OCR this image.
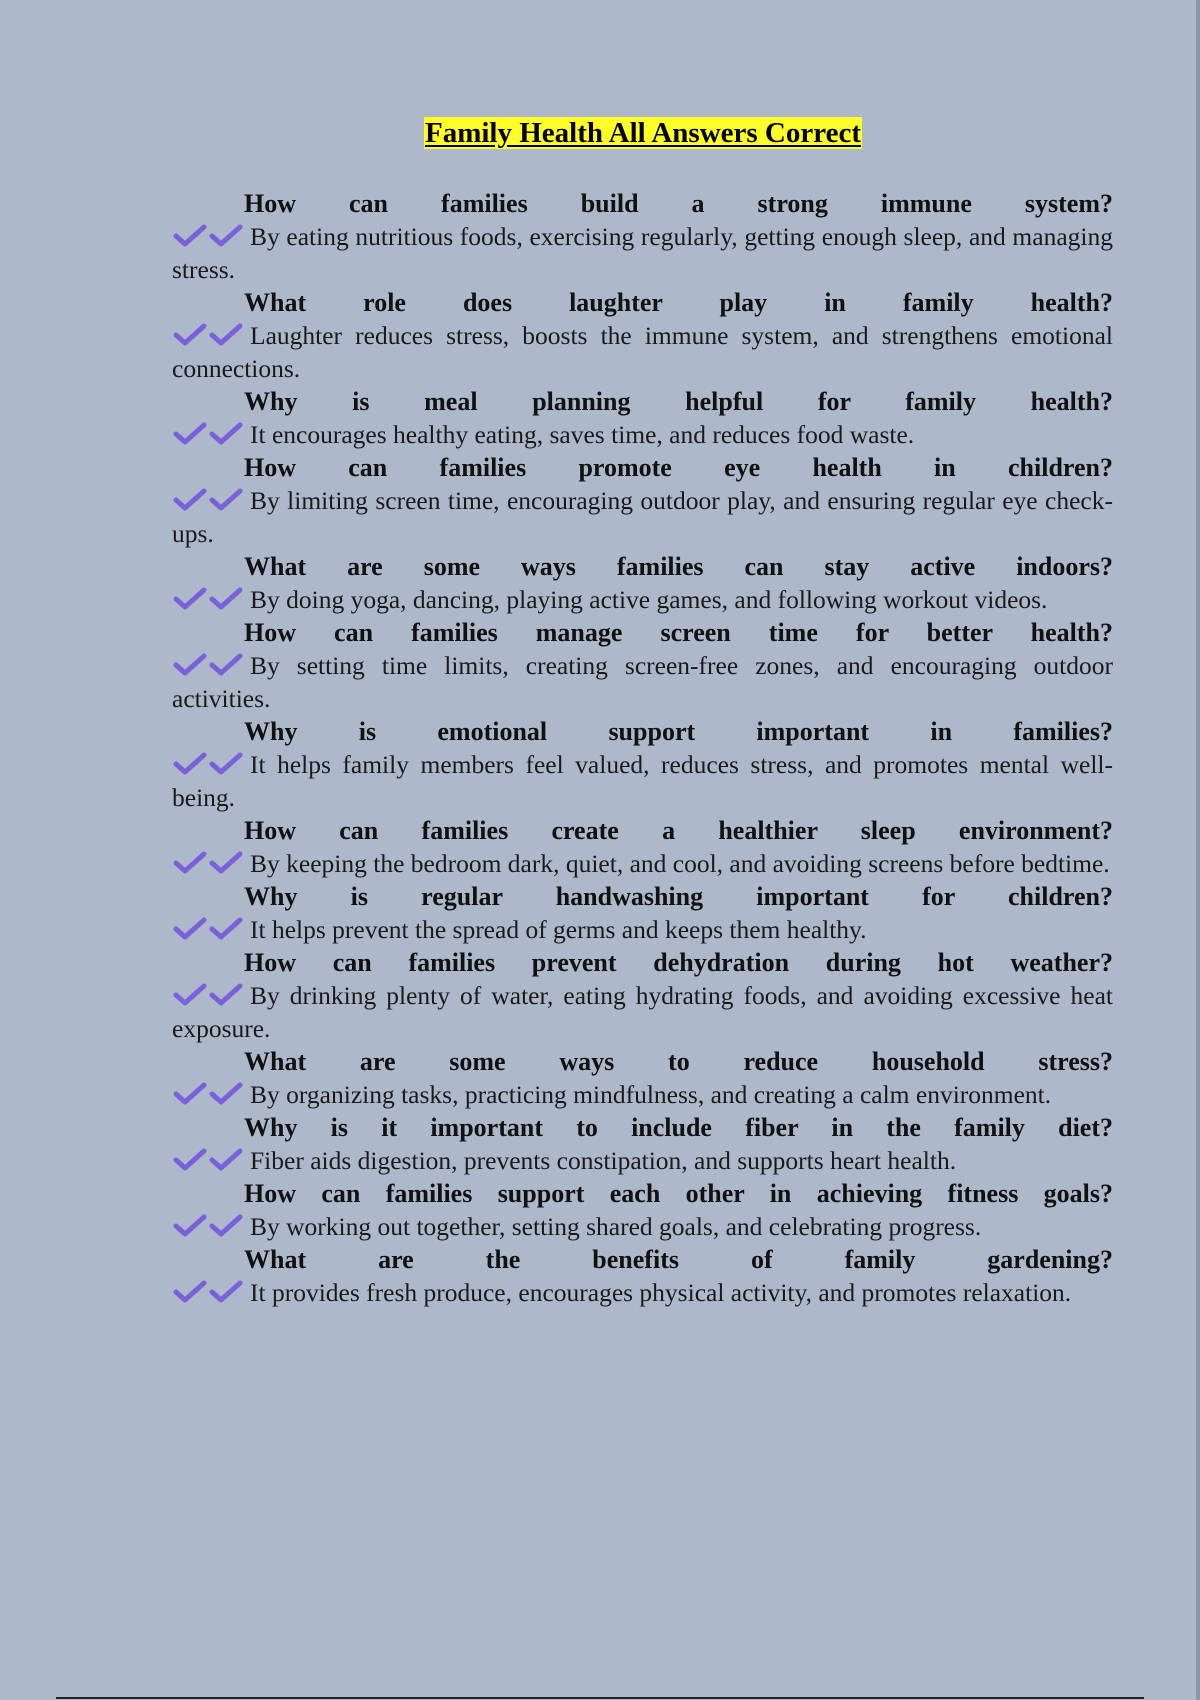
Family Health All Answers Correct

How can families build a strong immune system?

By eating nutritious foods, exercising regularly, getting enough sleep, and managing stress.

What role does laughter play in family health?

Laughter reduces stress, boosts the immune system, and strengthens emotional connections.

Why is meal planning helpful for family health?

It encourages healthy eating, saves time, and reduces food waste.

How can families promote eye health in children?

By limiting screen time, encouraging outdoor play, and ensuring regular eye check-ups.

What are some ways families can stay active indoors?

By doing yoga, dancing, playing active games, and following workout videos.

How can families manage screen time for better health?

By setting time limits, creating screen-free zones, and encouraging outdoor activities.

Why is emotional support important in families?

It helps family members feel valued, reduces stress, and promotes mental well-being.

How can families create a healthier sleep environment?

By keeping the bedroom dark, quiet, and cool, and avoiding screens before bedtime.

Why is regular handwashing important for children?

It helps prevent the spread of germs and keeps them healthy.

How can families prevent dehydration during hot weather?

By drinking plenty of water, eating hydrating foods, and avoiding excessive heat exposure.

What are some ways to reduce household stress?

By organizing tasks, practicing mindfulness, and creating a calm environment.

Why is it important to include fiber in the family diet?

Fiber aids digestion, prevents constipation, and supports heart health.

How can families support each other in achieving fitness goals?

By working out together, setting shared goals, and celebrating progress.

What are the benefits of family gardening?

It provides fresh produce, encourages physical activity, and promotes relaxation.
